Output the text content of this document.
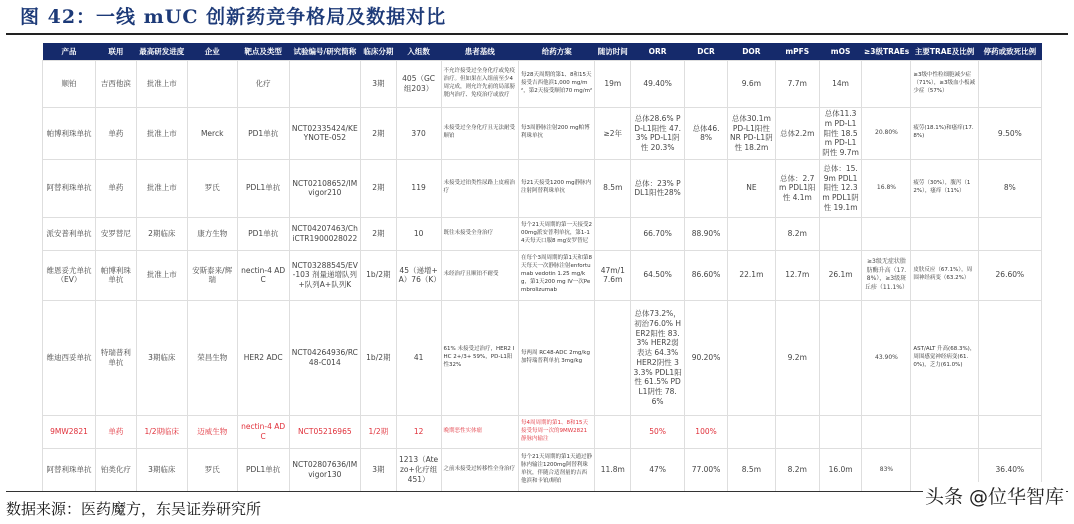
图 42：一线 mUC 创新药竞争格局及数据对比
产品	联用	最高研发进度	企业	靶点及类型	试验编号/研究简称	临床分期	入组数	患者基线	给药方案	随访时间	ORR	DCR	DOR	mPFS	mOS	≥3级TRAEs	主要TRAE及比例	停药或致死比例
顺铂	吉西他滨	批准上市		化疗		3期	405（GC组203）	不允许接受过全身化疗或免疫治疗。但如果在入组前至少4周完成，则允许先前的局部膀胱内治疗、免疫治疗或放疗	每28天周期的第1、8和15天接受吉西他滨1,000 mg/m²，第2天接受顺铂70 mg/m²	19m	49.40%		9.6m	7.7m	14m		≥3级中性粒细胞减少症（71%），≥3级血小板减少症（57%）	
帕博利珠单抗	单药	批准上市	Merck	PD1单抗	NCT02335424/KEYNOTE-052	2期	370	未接受过全身化疗且无法耐受顺铂	每3周静脉注射200 mg帕博利珠单抗	≥2年	总体28.6% PD-L1阳性 47.3% PD-L1阴性 20.3%	总体46.8%	总体30.1m PD-L1阳性 NR PD-L1阴性 18.2m	总体2.2m	总体11.3m PD-L1阳性 18.5m PD-L1阴性 9.7m	20.80%	疲劳(18.1%)和瘙痒(17.8%)	9.50%
阿替利珠单抗	单药	批准上市	罗氏	PDL1单抗	NCT02108652/IMvigor210	2期	119	未接受过铂类性尿路上皮癌治疗	每21天接受1200 mg静脉内注射阿替利珠单抗	8.5m	总体：23% PDL1阳性28%		NE	总体：2.7m PDL1阳性 4.1m	总体：15.9m PDL1阳性 12.3m PDL1阴性 19.1m	16.8%	疲劳（30%），腹泻（12%），瘙痒（11%）	8%
派安普利单抗	安罗替尼	2期临床	康方生物	PD1单抗	NCT04207463/ChiCTR1900028022	2期	10	既往未接受全身治疗	每个21天周期的第一天接受200mg派安普利单抗，第1-14天每天口服8 mg安罗替尼		66.70%	88.90%		8.2m				
维恩妥尤单抗（EV）	帕博利珠单抗	批准上市	安斯泰来/辉瑞	nectin-4 ADC	NCT03288545/EV-103 剂量递增队列+队列A+队列K	1b/2期	45（递增+A）76（K）	未经治疗且顺铂不耐受	在每个3周周期的第1天和第8天每天一次静脉注射enfortumab vedotin 1.25 mg/kg，第1天200 mg IV一次Pembrolizumab	47m/17.6m	64.50%	86.60%	22.1m	12.7m	26.1m	≥3级无症状脂肪酶升高（17.8%），≥3级斑丘疹（11.1%）	皮肤反应（67.1%），周围神经病变（63.2%）	26.60%
维迪西妥单抗	特瑞普利单抗	3期临床	荣昌生物	HER2 ADC	NCT04264936/RC48-C014	1b/2期	41	61% 未接受过治疗，HER2 IHC 2+/3+ 59%，PD-L1阳性32%	每两周 RC48-ADC 2mg/kg 加特瑞普利单抗 3mg/kg		总体73.2%，初治76.0% HER2阳性 83.3% HER2弱表达 64.3% HER2阴性 33.3% PDL1阳性 61.5% PDL1阴性 78.6%	90.20%		9.2m		43.90%	AST/ALT 升高(68.3%)，周围感觉神经病变(61.0%)，乏力(61.0%)	
9MW2821	单药	1/2期临床	迈威生物	nectin-4 ADC	NCT05216965	1/2期	12	晚期恶性实体瘤	每4周周期的第1、8和15天接受每周一次的9MW2821静脉内输注		50%	100%						
阿替利珠单抗	铂类化疗	3期临床	罗氏	PDL1单抗	NCT02807636/IMvigor130	3期	1213（Atezo+化疗组451）	之前未接受过转移性全身治疗	每个21天周期的第1天通过静脉内输注1200mg阿替利珠单抗，伴随合适剂量的吉西他滨和卡铂/顺铂	11.8m	47%	77.00%	8.5m	8.2m	16.0m	83%		36.40%
数据来源：医药魔方，东吴证券研究所
头条 @位华智库
